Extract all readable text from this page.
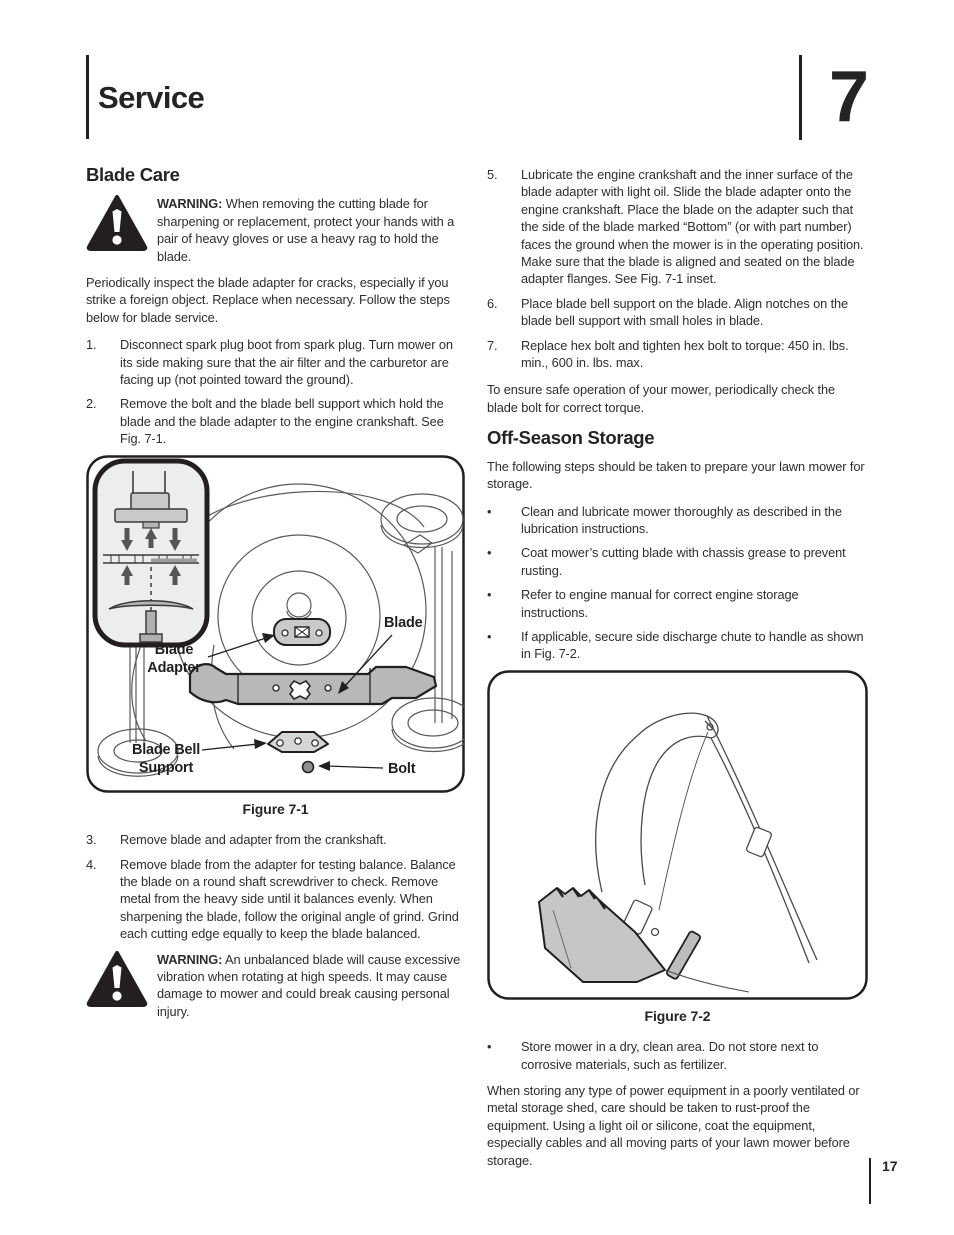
Service	7
Blade Care

WARNING: When removing the cutting blade for sharpening or replacement, protect your hands with a pair of heavy gloves or use a heavy rag to hold the blade.

Periodically inspect the blade adapter for cracks, especially if you strike a foreign object. Replace when necessary. Follow the steps below for blade service.

1.	Disconnect spark plug boot from spark plug. Turn mower on its side making sure that the air filter and the carburetor are facing up (not pointed toward the ground).
2.	Remove the bolt and the blade bell support which hold the blade and the blade adapter to the engine crankshaft. See Fig. 7-1.
Blade
Blade
Adapter
Blade Bell
Support	Bolt
Figure 7-1
3.	Remove blade and adapter from the crankshaft.
4.	Remove blade from the adapter for testing balance. Balance the blade on a round shaft screwdriver to check. Remove metal from the heavy side until it balances evenly. When sharpening the blade, follow the original angle of grind. Grind each cutting edge equally to keep the blade balanced.

WARNING: An unbalanced blade will cause excessive vibration when rotating at high speeds. It may cause damage to mower and could break causing personal injury.

5.	Lubricate the engine crankshaft and the inner surface of the blade adapter with light oil. Slide the blade adapter onto the engine crankshaft. Place the blade on the adapter such that the side of the blade marked “Bottom” (or with part number) faces the ground when the mower is in the operating position. Make sure that the blade is aligned and seated on the blade adapter flanges. See Fig. 7-1 inset.
6.	Place blade bell support on the blade. Align notches on the blade bell support with small holes in blade.
7.	Replace hex bolt and tighten hex bolt to torque: 450 in. lbs. min., 600 in. lbs. max.

To ensure safe operation of your mower, periodically check the blade bolt for correct torque.

Off-Season Storage

The following steps should be taken to prepare your lawn mower for storage.

•	Clean and lubricate mower thoroughly as described in the lubrication instructions.
•	Coat mower’s cutting blade with chassis grease to prevent rusting.
•	Refer to engine manual for correct engine storage instructions.
•	If applicable, secure side discharge chute to handle as shown in Fig. 7-2.
Figure 7-2
•	Store mower in a dry, clean area. Do not store next to corrosive materials, such as fertilizer.

When storing any type of power equipment in a poorly ventilated or metal storage shed, care should be taken to rust-proof the equipment. Using a light oil or silicone, coat the equipment, especially cables and all moving parts of your lawn mower before storage.	17
